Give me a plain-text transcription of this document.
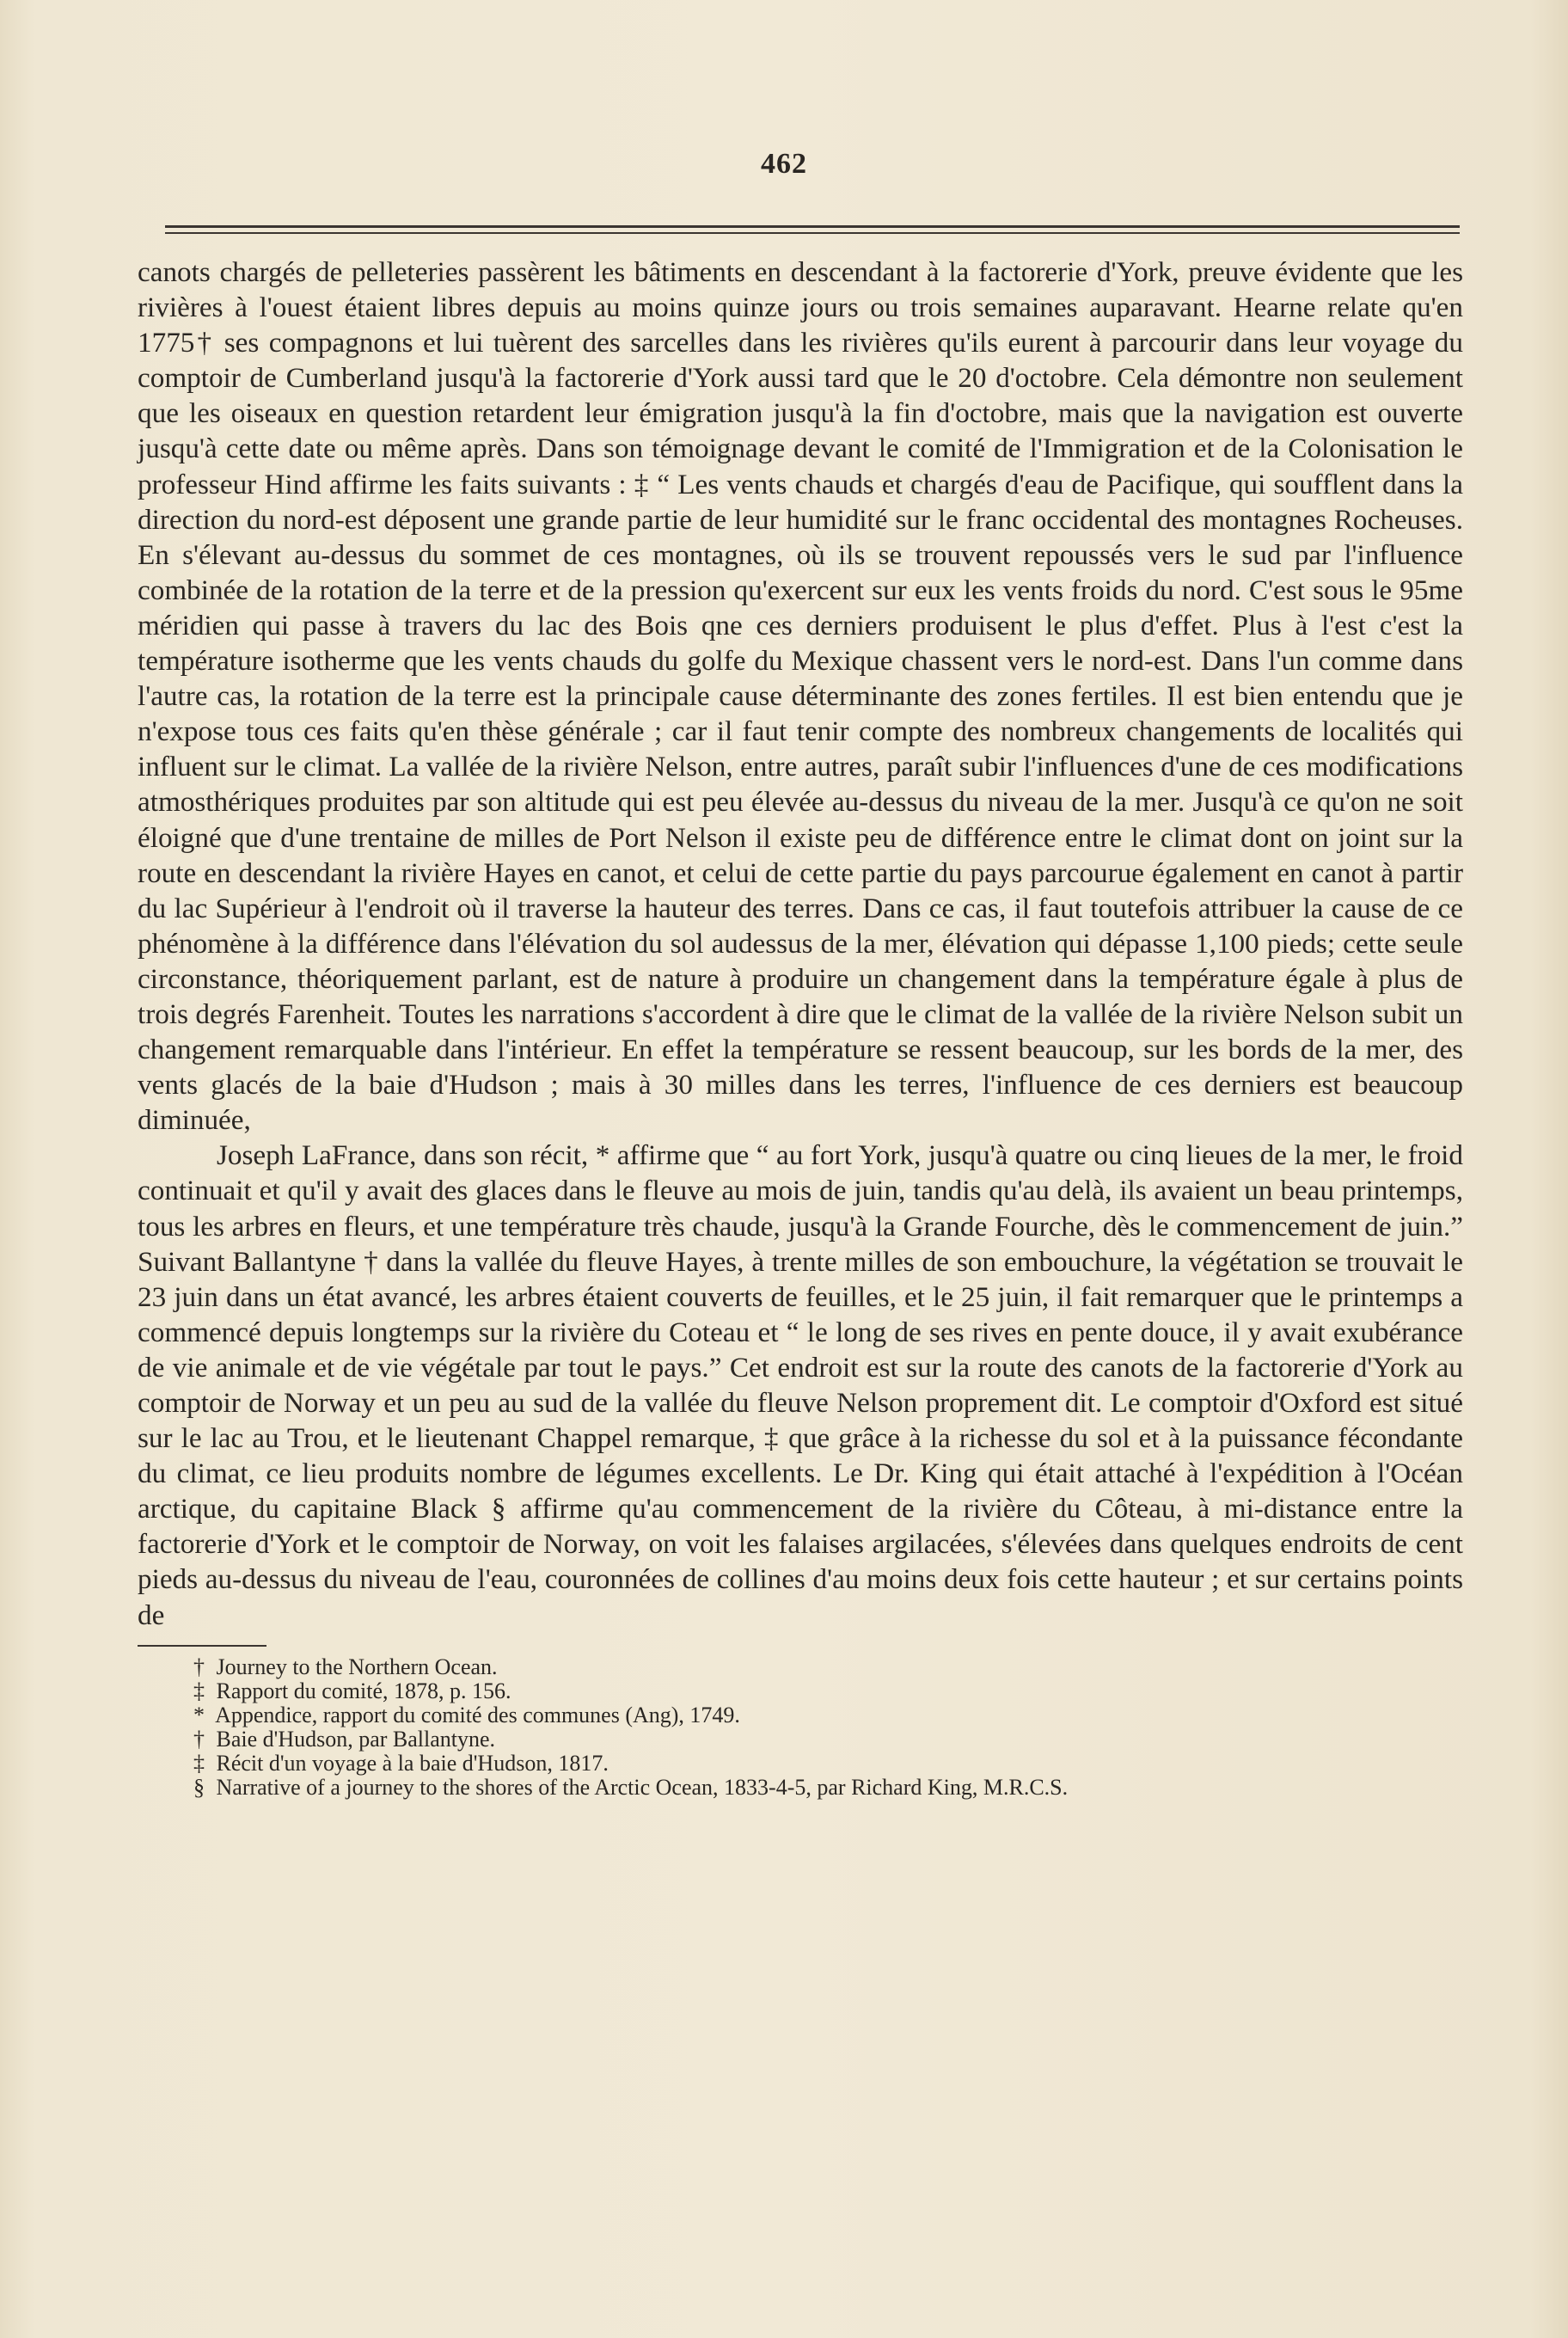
462

canots chargés de pelleteries passèrent les bâtiments en descendant à la factorerie d'York, preuve évidente que les rivières à l'ouest étaient libres depuis au moins quinze jours ou trois semaines auparavant. Hearne relate qu'en 1775† ses compagnons et lui tuèrent des sarcelles dans les rivières qu'ils eurent à parcourir dans leur voyage du comptoir de Cumberland jusqu'à la factorerie d'York aussi tard que le 20 d'octobre. Cela démontre non seulement que les oiseaux en question retardent leur émigration jusqu'à la fin d'octobre, mais que la navigation est ouverte jusqu'à cette date ou même après. Dans son témoignage devant le comité de l'Immigration et de la Colonisation le professeur Hind affirme les faits suivants : ‡ “ Les vents chauds et chargés d'eau de Pacifique, qui soufflent dans la direction du nord-est déposent une grande partie de leur humidité sur le franc occidental des montagnes Rocheuses. En s'élevant au-dessus du sommet de ces montagnes, où ils se trouvent repoussés vers le sud par l'influence combinée de la rotation de la terre et de la pression qu'exercent sur eux les vents froids du nord. C'est sous le 95me méridien qui passe à travers du lac des Bois qne ces derniers produisent le plus d'effet. Plus à l'est c'est la température isotherme que les vents chauds du golfe du Mexique chassent vers le nord-est. Dans l'un comme dans l'autre cas, la rotation de la terre est la principale cause déterminante des zones fertiles. Il est bien entendu que je n'expose tous ces faits qu'en thèse générale ; car il faut tenir compte des nombreux changements de localités qui influent sur le climat. La vallée de la rivière Nelson, entre autres, paraît subir l'influences d'une de ces modifications atmosthériques produites par son altitude qui est peu élevée au-dessus du niveau de la mer. Jusqu'à ce qu'on ne soit éloigné que d'une trentaine de milles de Port Nelson il existe peu de différence entre le climat dont on joint sur la route en descendant la rivière Hayes en canot, et celui de cette partie du pays parcourue également en canot à partir du lac Supérieur à l'endroit où il traverse la hauteur des terres. Dans ce cas, il faut toutefois attribuer la cause de ce phénomène à la différence dans l'élévation du sol audessus de la mer, élévation qui dépasse 1,100 pieds; cette seule circonstance, théoriquement parlant, est de nature à produire un changement dans la température égale à plus de trois degrés Farenheit. Toutes les narrations s'accordent à dire que le climat de la vallée de la rivière Nelson subit un changement remarquable dans l'intérieur. En effet la température se ressent beaucoup, sur les bords de la mer, des vents glacés de la baie d'Hudson ; mais à 30 milles dans les terres, l'influence de ces derniers est beaucoup diminuée,

Joseph LaFrance, dans son récit, * affirme que “ au fort York, jusqu'à quatre ou cinq lieues de la mer, le froid continuait et qu'il y avait des glaces dans le fleuve au mois de juin, tandis qu'au delà, ils avaient un beau printemps, tous les arbres en fleurs, et une température très chaude, jusqu'à la Grande Fourche, dès le commencement de juin.” Suivant Ballantyne † dans la vallée du fleuve Hayes, à trente milles de son embouchure, la végétation se trouvait le 23 juin dans un état avancé, les arbres étaient couverts de feuilles, et le 25 juin, il fait remarquer que le printemps a commencé depuis longtemps sur la rivière du Coteau et “ le long de ses rives en pente douce, il y avait exubérance de vie animale et de vie végétale par tout le pays.” Cet endroit est sur la route des canots de la factorerie d'York au comptoir de Norway et un peu au sud de la vallée du fleuve Nelson proprement dit. Le comptoir d'Oxford est situé sur le lac au Trou, et le lieutenant Chappel remarque, ‡ que grâce à la richesse du sol et à la puissance fécondante du climat, ce lieu produits nombre de légumes excellents. Le Dr. King qui était attaché à l'expédition à l'Océan arctique, du capitaine Black § affirme qu'au commencement de la rivière du Côteau, à mi-distance entre la factorerie d'York et le comptoir de Norway, on voit les falaises argilacées, s'élevées dans quelques endroits de cent pieds au-dessus du niveau de l'eau, couronnées de collines d'au moins deux fois cette hauteur ; et sur certains points de

† Journey to the Northern Ocean.
‡ Rapport du comité, 1878, p. 156.
* Appendice, rapport du comité des communes (Ang), 1749.
† Baie d'Hudson, par Ballantyne.
‡ Récit d'un voyage à la baie d'Hudson, 1817.
§ Narrative of a journey to the shores of the Arctic Ocean, 1833-4-5, par Richard King, M.R.C.S.
